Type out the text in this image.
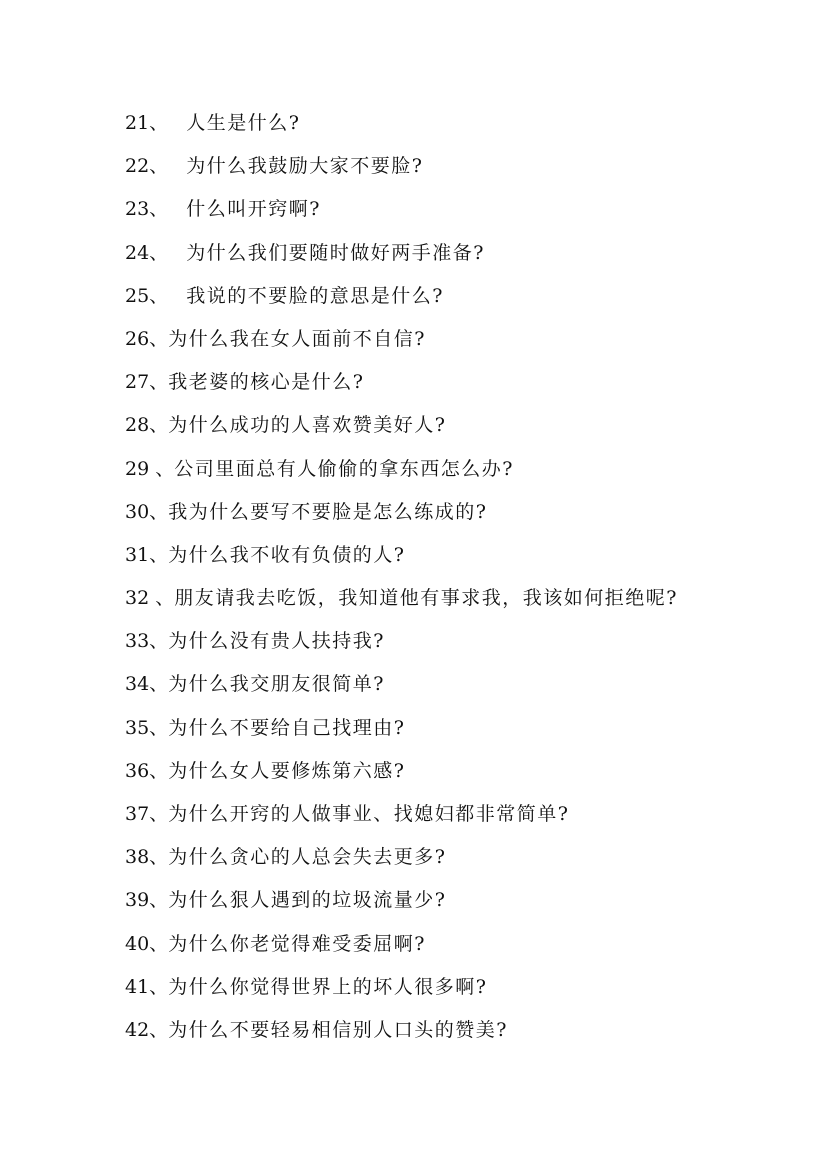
21、 人生是什么?
22、 为什么我鼓励大家不要脸?
23、 什么叫开窍啊?
24、 为什么我们要随时做好两手准备?
25、 我说的不要脸的意思是什么?
26、为什么我在女人面前不自信?
27、我老婆的核心是什么?
28、为什么成功的人喜欢赞美好人?
29 、公司里面总有人偷偷的拿东西怎么办?
30、我为什么要写不要脸是怎么练成的?
31、为什么我不收有负债的人?
32 、朋友请我去吃饭，我知道他有事求我，我该如何拒绝呢?
33、为什么没有贵人扶持我?
34、为什么我交朋友很简单?
35、为什么不要给自己找理由?
36、为什么女人要修炼第六感?
37、为什么开窍的人做事业、找媳妇都非常简单?
38、为什么贪心的人总会失去更多?
39、为什么狠人遇到的垃圾流量少?
40、为什么你老觉得难受委屈啊?
41、为什么你觉得世界上的坏人很多啊?
42、为什么不要轻易相信别人口头的赞美?
